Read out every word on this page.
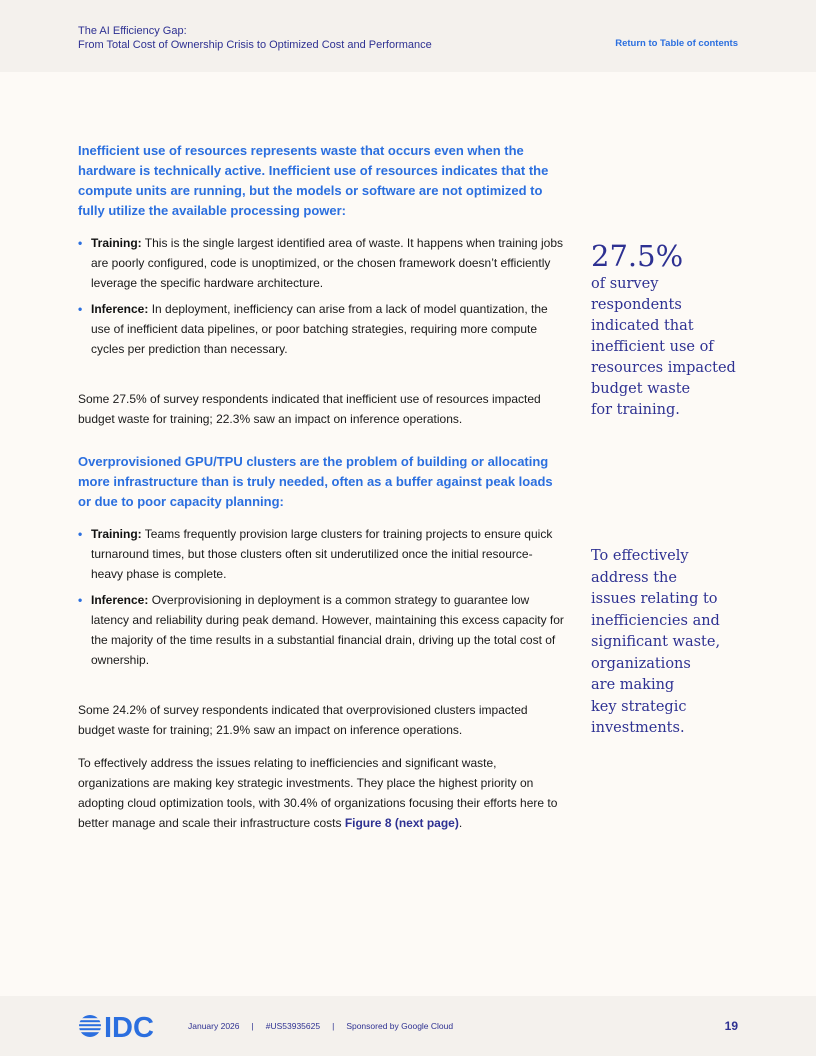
The AI Efficiency Gap:
From Total Cost of Ownership Crisis to Optimized Cost and Performance	Return to Table of contents

Inefficient use of resources represents waste that occurs even when the hardware is technically active. Inefficient use of resources indicates that the compute units are running, but the models or software are not optimized to fully utilize the available processing power:

• Training: This is the single largest identified area of waste. It happens when training jobs are poorly configured, code is unoptimized, or the chosen framework doesn’t efficiently leverage the specific hardware architecture.
• Inference: In deployment, inefficiency can arise from a lack of model quantization, the use of inefficient data pipelines, or poor batching strategies, requiring more compute cycles per prediction than necessary.

Some 27.5% of survey respondents indicated that inefficient use of resources impacted budget waste for training; 22.3% saw an impact on inference operations.

Overprovisioned GPU/TPU clusters are the problem of building or allocating more infrastructure than is truly needed, often as a buffer against peak loads or due to poor capacity planning:

• Training: Teams frequently provision large clusters for training projects to ensure quick turnaround times, but those clusters often sit underutilized once the initial resource-heavy phase is complete.
• Inference: Overprovisioning in deployment is a common strategy to guarantee low latency and reliability during peak demand. However, maintaining this excess capacity for the majority of the time results in a substantial financial drain, driving up the total cost of ownership.

Some 24.2% of survey respondents indicated that overprovisioned clusters impacted budget waste for training; 21.9% saw an impact on inference operations.

To effectively address the issues relating to inefficiencies and significant waste, organizations are making key strategic investments. They place the highest priority on adopting cloud optimization tools, with 30.4% of organizations focusing their efforts here to better manage and scale their infrastructure costs Figure 8 (next page).

27.5%
of survey
respondents
indicated that
inefficient use of
resources impacted
budget waste
for training.
To effectively
address the
issues relating to
inefficiencies and
significant waste,
organizations
are making
key strategic
investments.
IDC	January 2026 | #US53935625 | Sponsored by Google Cloud	19
